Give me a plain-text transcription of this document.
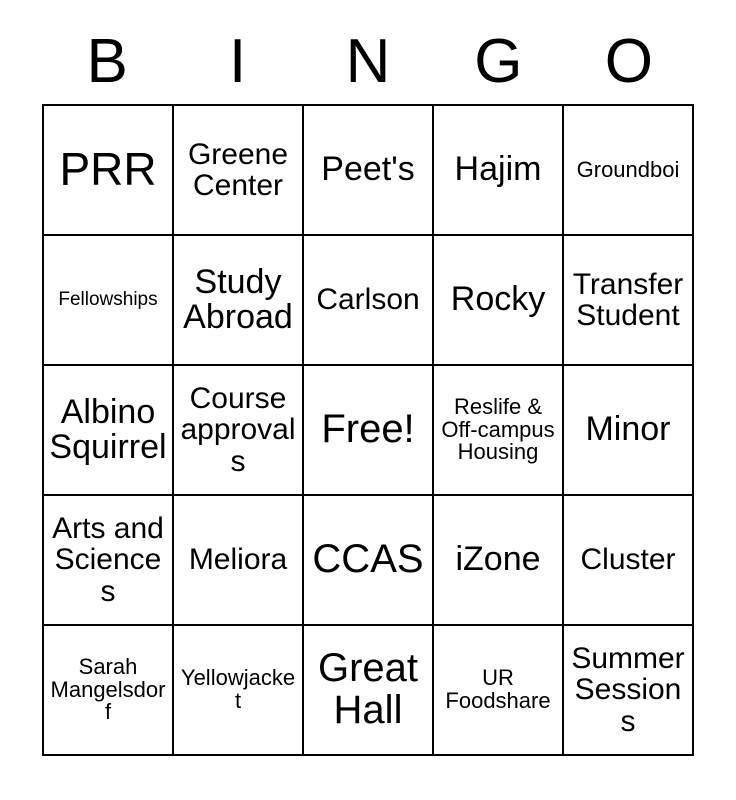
B	I	N	G	O
PRR	Greene Center	Peet's	Hajim	Groundboi

Fellowships	Study Abroad	Carlson	Rocky	Transfer Student

Albino Squirrel	Course approvals	Free!	Reslife & Off-campus Housing	Minor

Arts and Sciences	Meliora	CCAS	iZone	Cluster

Sarah Mangelsdorf	Yellowjacket	Great Hall	UR Foodshare	Summer Sessions
